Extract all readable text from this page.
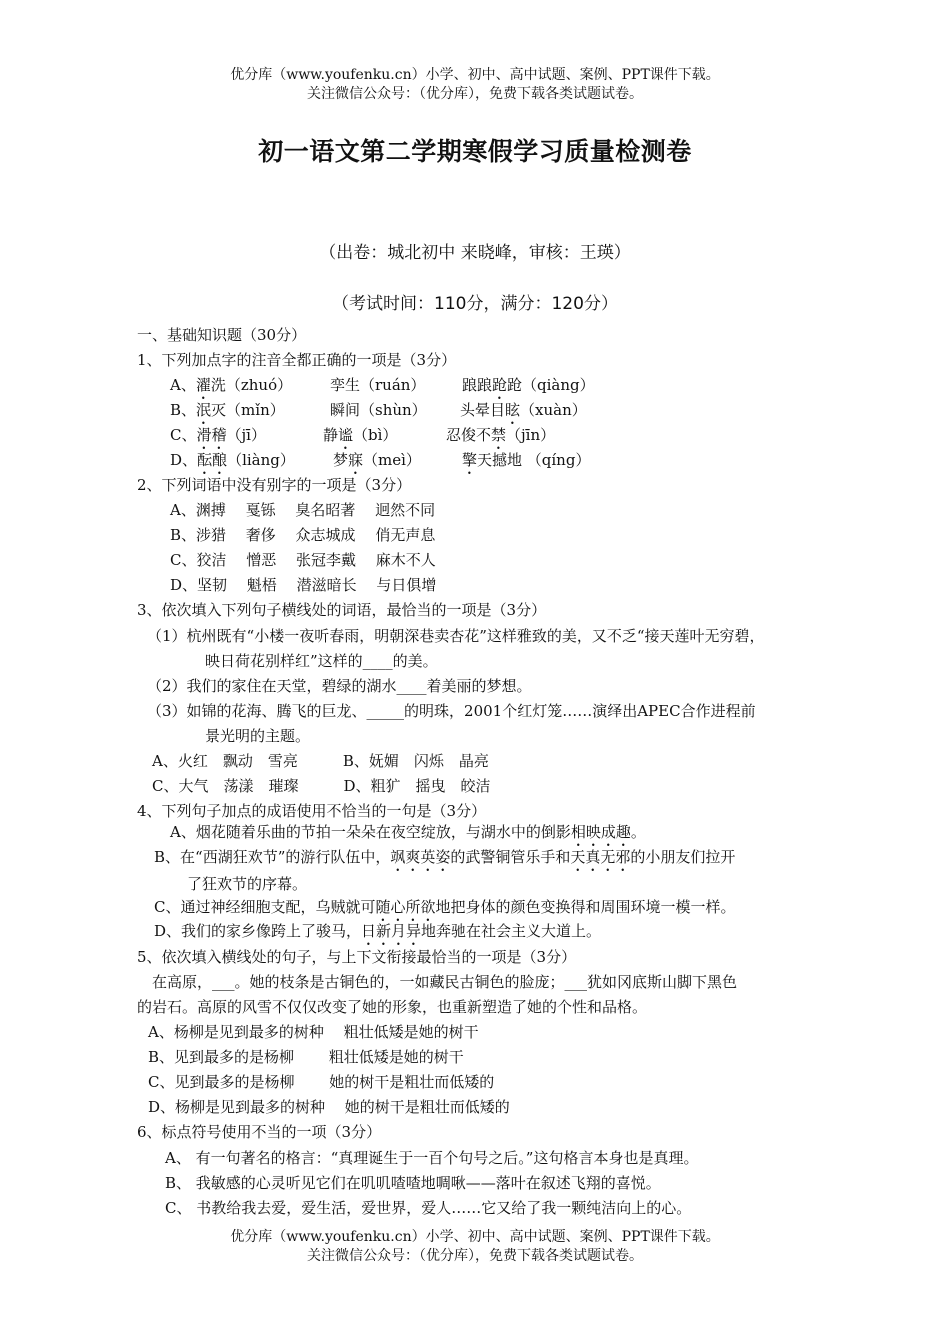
优分库（www.youfenku.cn）小学、初中、高中试题、案例、PPT课件下载。
关注微信公众号：（优分库），免费下载各类试题试卷。
初一语文第二学期寒假学习质量检测卷
（出卷：城北初中 来晓峰，审核：王瑛）
（考试时间：110分，满分：120分）
一、基础知识题（30分）
1、下列加点字的注音全都正确的一项是（3分）
A、濯洗（zhuó）	孪生（ruán） 踉踉跄跄（qiàng）
B、泯灭（mǐn）	瞬间（shùn） 头晕目眩（xuàn）
C、滑稽（jī）	静谧（bì）	忍俊不禁（jīn）
D、酝酿（liàng）	梦寐（meì）	擎天撼地 （qíng）
2、下列词语中没有别字的一项是（3分）
A、渊搏　 戛铄　 臭名昭著　 迥然不同
B、涉猎　 奢侈　 众志城成　 俏无声息
C、狡洁　 憎恶　 张冠李戴　 麻木不人
D、坚韧　 魁梧　 潜滋暗长　 与日俱增
3、依次填入下列句子横线处的词语，最恰当的一项是（3分）
（1）杭州既有“小楼一夜听春雨，明朝深巷卖杏花”这样雅致的美，又不乏“接天莲叶无穷碧，
映日荷花别样红”这样的____的美。
（2）我们的家住在天堂，碧绿的湖水____着美丽的梦想。
（3）如锦的花海、腾飞的巨龙、_____的明珠，2001个红灯笼……演绎出APEC合作进程前
景光明的主题。
A、火红　飘动　雪亮　　　B、妩媚　闪烁　晶亮
C、大气　荡漾　璀璨　　　D、粗犷　摇曳　皎洁
4、下列句子加点的成语使用不恰当的一句是（3分）
A、烟花随着乐曲的节拍一朵朵在夜空绽放，与湖水中的倒影相映成趣。
B、在“西湖狂欢节”的游行队伍中，飒爽英姿的武警铜管乐手和天真无邪的小朋友们拉开
了狂欢节的序幕。
C、通过神经细胞支配，乌贼就可随心所欲地把身体的颜色变换得和周围环境一模一样。
D、我们的家乡像跨上了骏马，日新月异地奔驰在社会主义大道上。
5、依次填入横线处的句子，与上下文衔接最恰当的一项是（3分）
在高原，___。她的枝条是古铜色的，一如藏民古铜色的脸庞；___犹如冈底斯山脚下黑色
的岩石。高原的风雪不仅仅改变了她的形象，也重新塑造了她的个性和品格。
A、杨柳是见到最多的树种　 粗壮低矮是她的树干
B、见到最多的是杨柳　　 粗壮低矮是她的树干
C、见到最多的是杨柳　　 她的树干是粗壮而低矮的
D、杨柳是见到最多的树种　 她的树干是粗壮而低矮的
6、标点符号使用不当的一项（3分）
A、 有一句著名的格言：“真理诞生于一百个句号之后。”这句格言本身也是真理。
B、 我敏感的心灵听见它们在叽叽喳喳地啁啾——落叶在叙述飞翔的喜悦。
C、 书教给我去爱，爱生活，爱世界，爱人……它又给了我一颗纯洁向上的心。
优分库（www.youfenku.cn）小学、初中、高中试题、案例、PPT课件下载。
关注微信公众号：（优分库），免费下载各类试题试卷。
